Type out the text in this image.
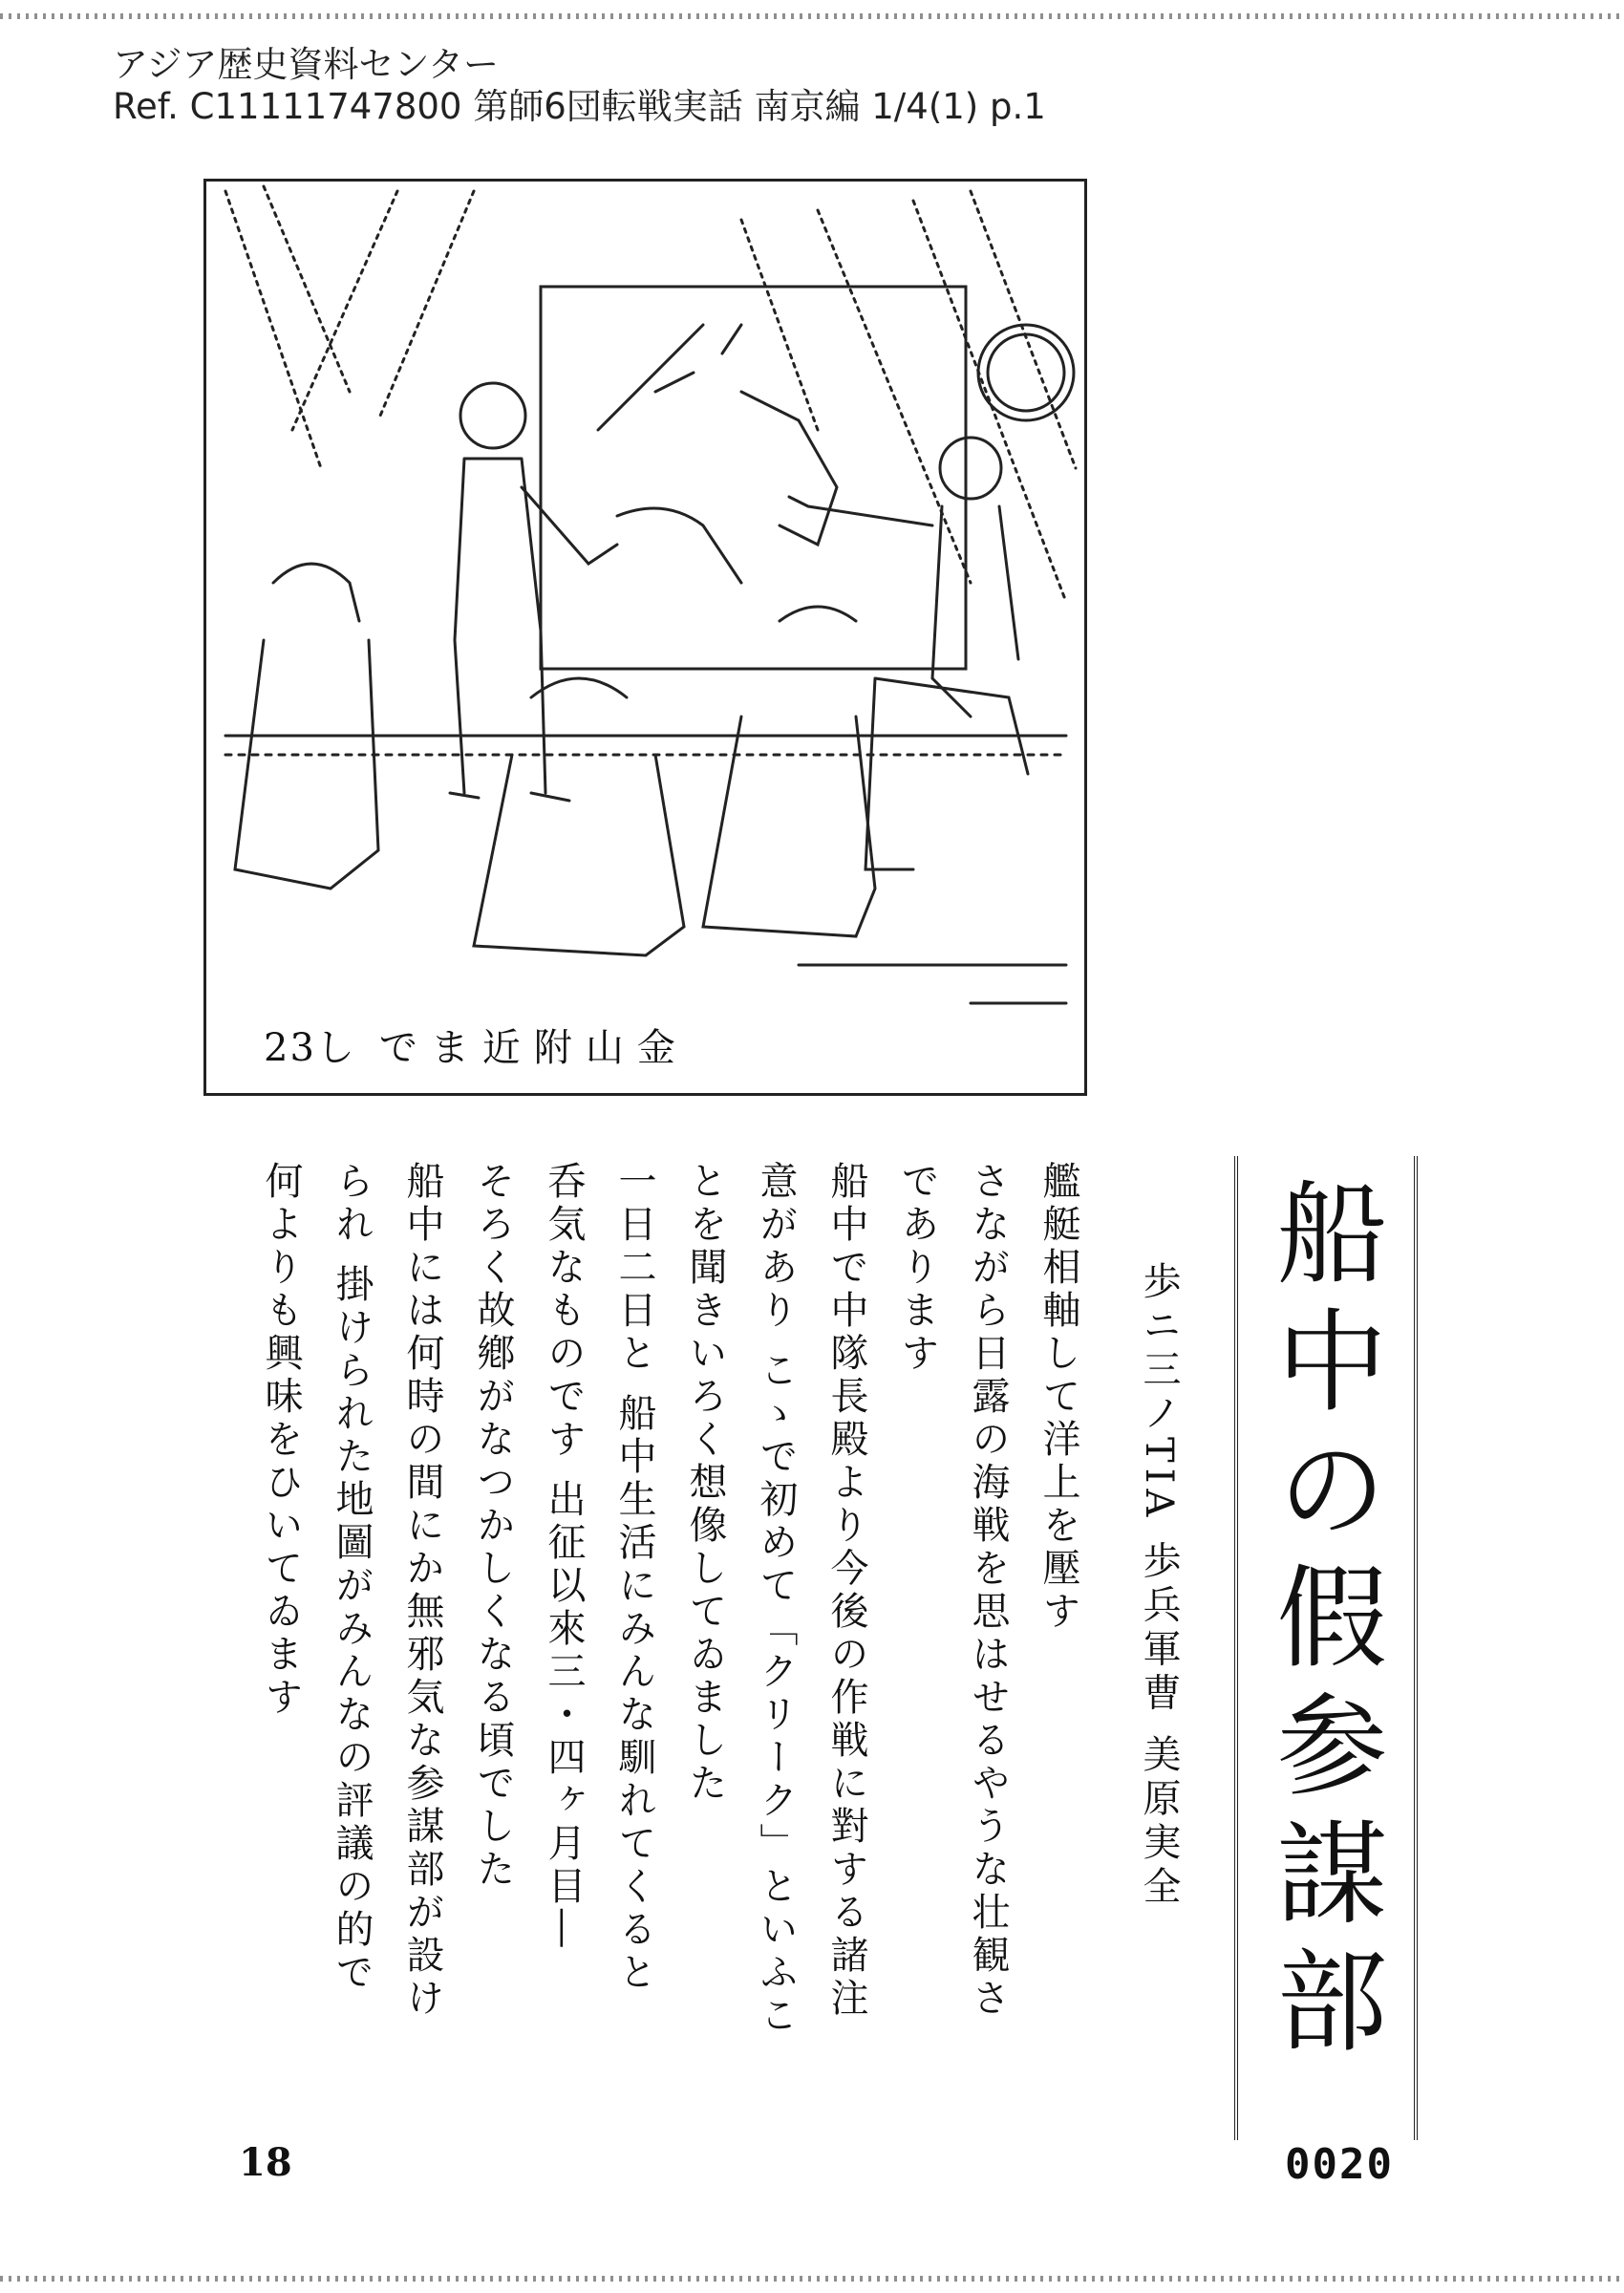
アジア歴史資料センター
Ref. C11111747800 第師6団転戦実話 南京編 1/4(1) p.1
23し でま近附山金
船中の假参謀部
歩ニ三ノTIA 歩兵軍曹 美原実全

艦艇相軸して洋上を壓す

さながら日露の海戦を思はせるやうな壮観さ

であります

船中で中隊長殿より今後の作戦に對する諸注

意があり こゝで初めて「クリーク」といふこ

とを聞きいろく想像してゐました

一日二日と 船中生活にみんな馴れてくると

呑気なものです 出征以來三・四ヶ月目―

そろく故鄕がなつかしくなる頃でした

船中には何時の間にか無邪気な参謀部が設け

られ 掛けられた地圖がみんなの評議の的で

何よりも興味をひいてゐます

18	0020
